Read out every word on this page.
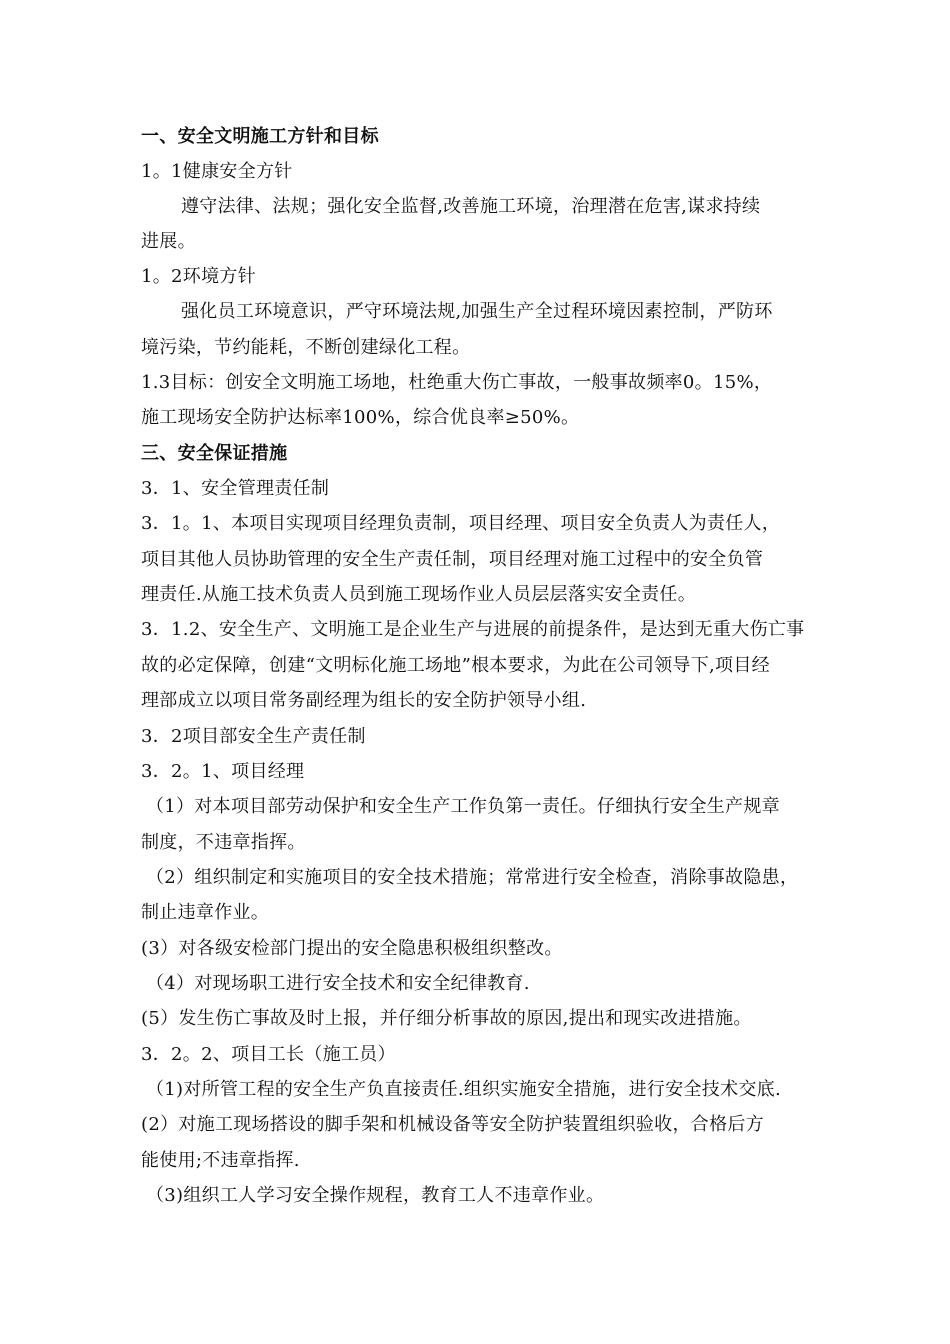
一、安全文明施工方针和目标
1。1健康安全方针
遵守法律、法规；强化安全监督,改善施工环境，治理潜在危害,谋求持续
进展。
1。2环境方针
强化员工环境意识，严守环境法规,加强生产全过程环境因素控制，严防环
境污染，节约能耗，不断创建绿化工程。
1.3目标：创安全文明施工场地，杜绝重大伤亡事故，一般事故频率0。15%，
施工现场安全防护达标率100%，综合优良率≥50%。
三、安全保证措施
3．1、安全管理责任制
3．1。1、本项目实现项目经理负责制，项目经理、项目安全负责人为责任人，
项目其他人员协助管理的安全生产责任制，项目经理对施工过程中的安全负管
理责任.从施工技术负责人员到施工现场作业人员层层落实安全责任。
3．1.2、安全生产、文明施工是企业生产与进展的前提条件，是达到无重大伤亡事
故的必定保障，创建“文明标化施工场地”根本要求，为此在公司领导下,项目经
理部成立以项目常务副经理为组长的安全防护领导小组.
3．2项目部安全生产责任制
3．2。1、项目经理
（1）对本项目部劳动保护和安全生产工作负第一责任。仔细执行安全生产规章
制度，不违章指挥。
（2）组织制定和实施项目的安全技术措施；常常进行安全检查，消除事故隐患，
制止违章作业。
(3）对各级安检部门提出的安全隐患积极组织整改。
（4）对现场职工进行安全技术和安全纪律教育.
(5）发生伤亡事故及时上报，并仔细分析事故的原因,提出和现实改进措施。
3．2。2、项目工长（施工员）
（1)对所管工程的安全生产负直接责任.组织实施安全措施，进行安全技术交底.
(2）对施工现场搭设的脚手架和机械设备等安全防护装置组织验收，合格后方
能使用;不违章指挥.
（3)组织工人学习安全操作规程，教育工人不违章作业。
